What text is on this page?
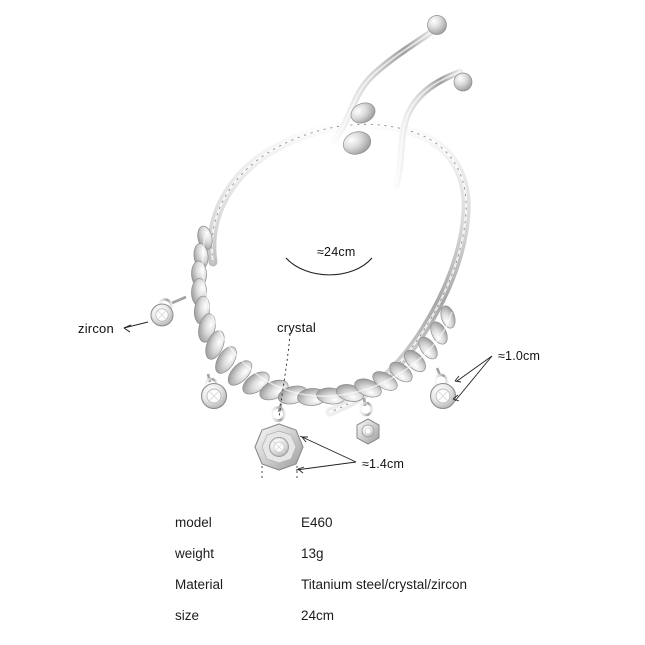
zircon	crystal
≈24cm
≈1.0cm
≈1.4cm
model	E460
weight	13g
Material	Titanium steel/crystal/zircon
size	24cm
